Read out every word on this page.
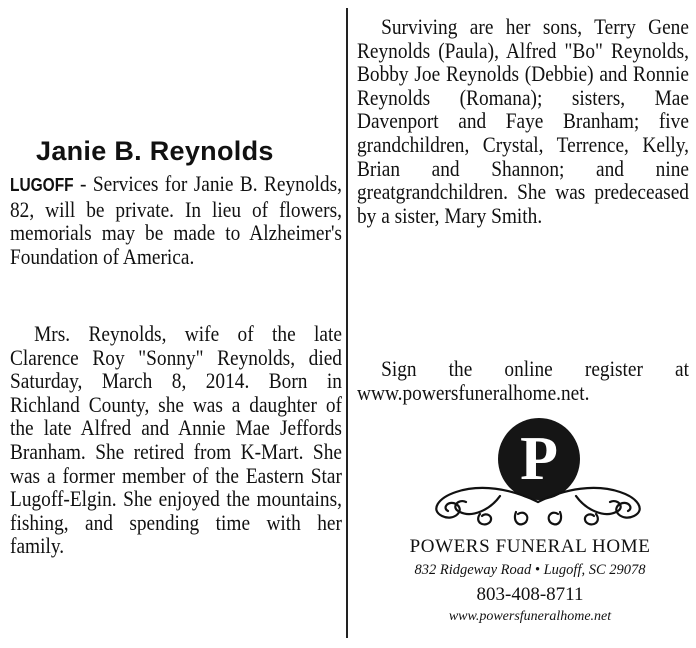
Janie B. Reynolds
LUGOFF - Services for Janie B. Reynolds, 82, will be private. In lieu of flowers, memorials may be made to Alzheimer's Foundation of America.
Mrs. Reynolds, wife of the late Clarence Roy "Sonny" Reynolds, died Saturday, March 8, 2014. Born in Richland County, she was a daughter of the late Alfred and Annie Mae Jeffords Branham. She retired from K-Mart. She was a former member of the Eastern Star Lugoff-Elgin. She enjoyed the mountains, fishing, and spending time with her family.
Surviving are her sons, Terry Gene Reynolds (Paula), Alfred "Bo" Reynolds, Bobby Joe Reynolds (Debbie) and Ronnie Reynolds (Romana); sisters, Mae Davenport and Faye Branham; five grandchildren, Crystal, Terrence, Kelly, Brian and Shannon; and nine greatgrandchildren. She was predeceased by a sister, Mary Smith.
Sign the online register at www.powersfuneralhome.net.
P
POWERS FUNERAL HOME
832 Ridgeway Road • Lugoff, SC 29078
803-408-8711
www.powersfuneralhome.net
